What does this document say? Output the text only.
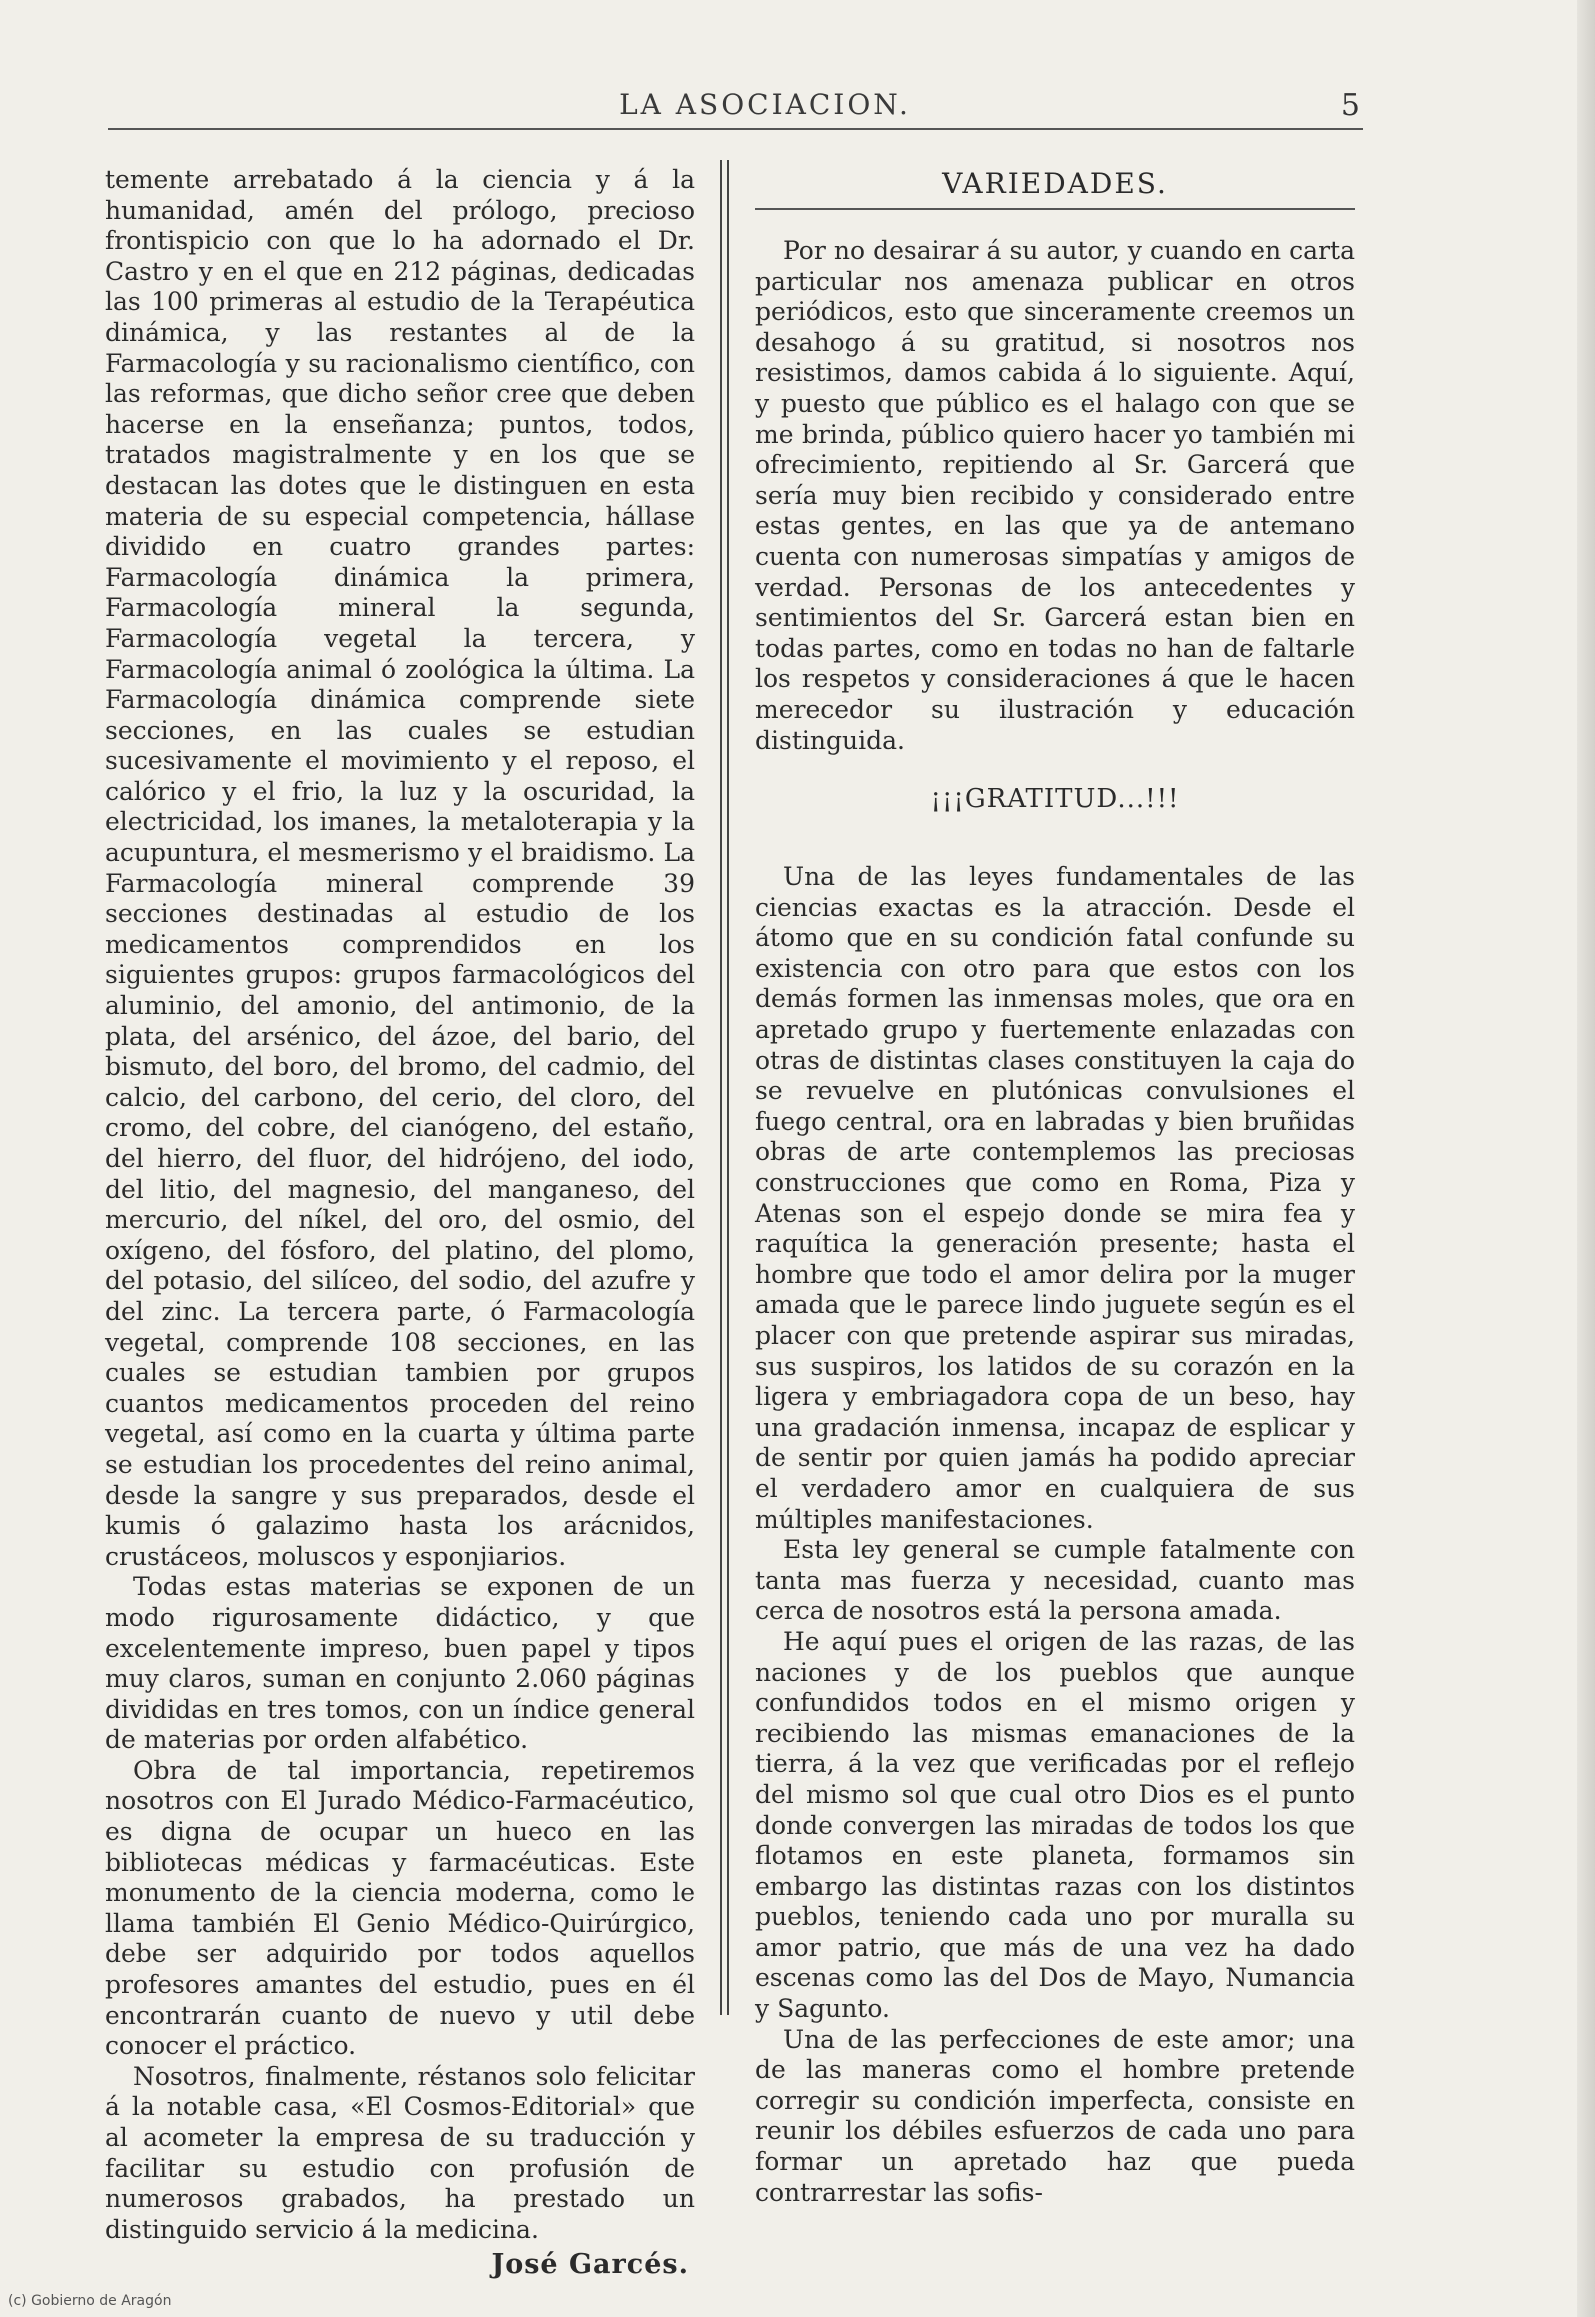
LA ASOCIACION.	5

temente arrebatado á la ciencia y á la humanidad, amén del prólogo, precioso frontispicio con que lo ha adornado el Dr. Castro y en el que en 212 páginas, dedicadas las 100 primeras al estudio de la Terapéutica dinámica, y las restantes al de la Farmacología y su racionalismo científico, con las reformas, que dicho señor cree que deben hacerse en la enseñanza; puntos, todos, tratados magistralmente y en los que se destacan las dotes que le distinguen en esta materia de su especial competencia, hállase dividido en cuatro grandes partes: Farmacología dinámica la primera, Farmacología mineral la segunda, Farmacología vegetal la tercera, y Farmacología animal ó zoológica la última. La Farmacología dinámica comprende siete secciones, en las cuales se estudian sucesivamente el movimiento y el reposo, el calórico y el frio, la luz y la oscuridad, la electricidad, los imanes, la metaloterapia y la acupuntura, el mesmerismo y el braidismo. La Farmacología mineral comprende 39 secciones destinadas al estudio de los medicamentos comprendidos en los siguientes grupos: grupos farmacológicos del aluminio, del amonio, del antimonio, de la plata, del arsénico, del ázoe, del bario, del bismuto, del boro, del bromo, del cadmio, del calcio, del carbono, del cerio, del cloro, del cromo, del cobre, del cianógeno, del estaño, del hierro, del fluor, del hidrójeno, del iodo, del litio, del magnesio, del manganeso, del mercurio, del níkel, del oro, del osmio, del oxígeno, del fósforo, del platino, del plomo, del potasio, del silíceo, del sodio, del azufre y del zinc. La tercera parte, ó Farmacología vegetal, comprende 108 secciones, en las cuales se estudian tambien por grupos cuantos medicamentos proceden del reino vegetal, así como en la cuarta y última parte se estudian los procedentes del reino animal, desde la sangre y sus preparados, desde el kumis ó galazimo hasta los arácnidos, crustáceos, moluscos y esponjiarios.

Todas estas materias se exponen de un modo rigurosamente didáctico, y que excelentemente impreso, buen papel y tipos muy claros, suman en conjunto 2.060 páginas divididas en tres tomos, con un índice general de materias por orden alfabético.

Obra de tal importancia, repetiremos nosotros con El Jurado Médico-Farmacéutico, es digna de ocupar un hueco en las bibliotecas médicas y farmacéuticas. Este monumento de la ciencia moderna, como le llama también El Genio Médico-Quirúrgico, debe ser adquirido por todos aquellos profesores amantes del estudio, pues en él encontrarán cuanto de nuevo y util debe conocer el práctico.

Nosotros, finalmente, réstanos solo felicitar á la notable casa, «El Cosmos-Editorial» que al acometer la empresa de su traducción y facilitar su estudio con profusión de numerosos grabados, ha prestado un distinguido servicio á la medicina.

José Garcés.
VARIEDADES.

Por no desairar á su autor, y cuando en carta particular nos amenaza publicar en otros periódicos, esto que sinceramente creemos un desahogo á su gratitud, si nosotros nos resistimos, damos cabida á lo siguiente. Aquí, y puesto que público es el halago con que se me brinda, público quiero hacer yo también mi ofrecimiento, repitiendo al Sr. Garcerá que sería muy bien recibido y considerado entre estas gentes, en las que ya de antemano cuenta con numerosas simpatías y amigos de verdad. Personas de los antecedentes y sentimientos del Sr. Garcerá estan bien en todas partes, como en todas no han de faltarle los respetos y consideraciones á que le hacen merecedor su ilustración y educación distinguida.

¡¡¡GRATITUD...!!!

Una de las leyes fundamentales de las ciencias exactas es la atracción. Desde el átomo que en su condición fatal confunde su existencia con otro para que estos con los demás formen las inmensas moles, que ora en apretado grupo y fuertemente enlazadas con otras de distintas clases constituyen la caja do se revuelve en plutónicas convulsiones el fuego central, ora en labradas y bien bruñidas obras de arte contemplemos las preciosas construcciones que como en Roma, Piza y Atenas son el espejo donde se mira fea y raquítica la generación presente; hasta el hombre que todo el amor delira por la muger amada que le parece lindo juguete según es el placer con que pretende aspirar sus miradas, sus suspiros, los latidos de su corazón en la ligera y embriagadora copa de un beso, hay una gradación inmensa, incapaz de esplicar y de sentir por quien jamás ha podido apreciar el verdadero amor en cualquiera de sus múltiples manifestaciones.

Esta ley general se cumple fatalmente con tanta mas fuerza y necesidad, cuanto mas cerca de nosotros está la persona amada.

He aquí pues el origen de las razas, de las naciones y de los pueblos que aunque confundidos todos en el mismo origen y recibiendo las mismas emanaciones de la tierra, á la vez que verificadas por el reflejo del mismo sol que cual otro Dios es el punto donde convergen las miradas de todos los que flotamos en este planeta, formamos sin embargo las distintas razas con los distintos pueblos, teniendo cada uno por muralla su amor patrio, que más de una vez ha dado escenas como las del Dos de Mayo, Numancia y Sagunto.

Una de las perfecciones de este amor; una de las maneras como el hombre pretende corregir su condición imperfecta, consiste en reunir los débiles esfuerzos de cada uno para formar un apretado haz que pueda contrarrestar las sofis-

(c) Gobierno de Aragón
